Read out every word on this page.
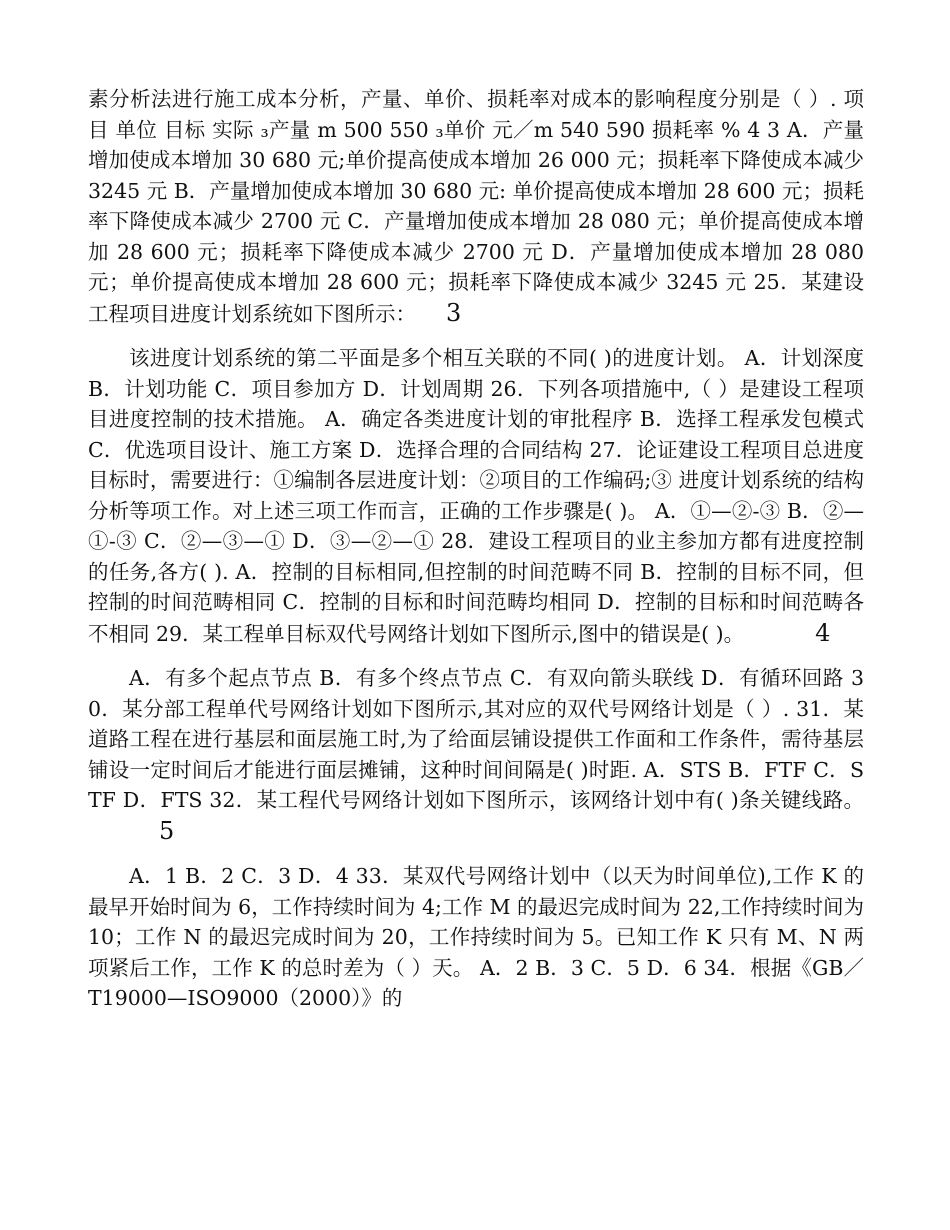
素分析法进行施工成本分析，产量、单价、损耗率对成本的影响程度分别是（ ）. 项目 单位 目标 实际 ₃产量 m 500 550 ₃单价 元／m 540 590 损耗率 % 4 3 A．产量增加使成本增加 30 680 元;单价提高使成本增加 26 000 元；损耗率下降使成本减少 3245 元 B．产量增加使成本增加 30 680 元: 单价提高使成本增加 28 600 元；损耗率下降使成本减少 2700 元 C．产量增加使成本增加 28 080 元；单价提高使成本增加 28 600 元；损耗率下降使成本减少 2700 元 D．产量增加使成本增加 28 080 元；单价提高使成本增加 28 600 元；损耗率下降使成本减少 3245 元 25．某建设工程项目进度计划系统如下图所示： 3

该进度计划系统的第二平面是多个相互关联的不同( )的进度计划。 A．计划深度 B．计划功能 C．项目参加方 D．计划周期 26．下列各项措施中,（ ）是建设工程项目进度控制的技术措施。 A．确定各类进度计划的审批程序 B．选择工程承发包模式 C．优选项目设计、施工方案 D．选择合理的合同结构 27．论证建设工程项目总进度目标时，需要进行：①编制各层进度计划：②项目的工作编码;③ 进度计划系统的结构分析等项工作。对上述三项工作而言，正确的工作步骤是( )。 A．①—②-③ B．②—①-③ C．②—③—① D．③—②—① 28．建设工程项目的业主参加方都有进度控制的任务,各方( ). A．控制的目标相同,但控制的时间范畴不同 B．控制的目标不同，但控制的时间范畴相同 C．控制的目标和时间范畴均相同 D．控制的目标和时间范畴各不相同 29．某工程单目标双代号网络计划如下图所示,图中的错误是( )。	4

A．有多个起点节点 B．有多个终点节点 C．有双向箭头联线 D．有循环回路 30．某分部工程单代号网络计划如下图所示,其对应的双代号网络计划是（ ）. 31．某道路工程在进行基层和面层施工时,为了给面层铺设提供工作面和工作条件，需待基层铺设一定时间后才能进行面层摊铺，这种时间间隔是( )时距. A．STS B．FTF C．STF D．FTS 32．某工程代号网络计划如下图所示，该网络计划中有( )条关键线路。5

A．1 B．2 C．3 D．4 33．某双代号网络计划中（以天为时间单位),工作 K 的最早开始时间为 6，工作持续时间为 4;工作 M 的最迟完成时间为 22,工作持续时间为 10；工作 N 的最迟完成时间为 20，工作持续时间为 5。已知工作 K 只有 M、N 两项紧后工作，工作 K 的总时差为（ ）天。 A．2 B．3 C．5 D．6 34．根据《GB／T19000—ISO9000（2000）》的
